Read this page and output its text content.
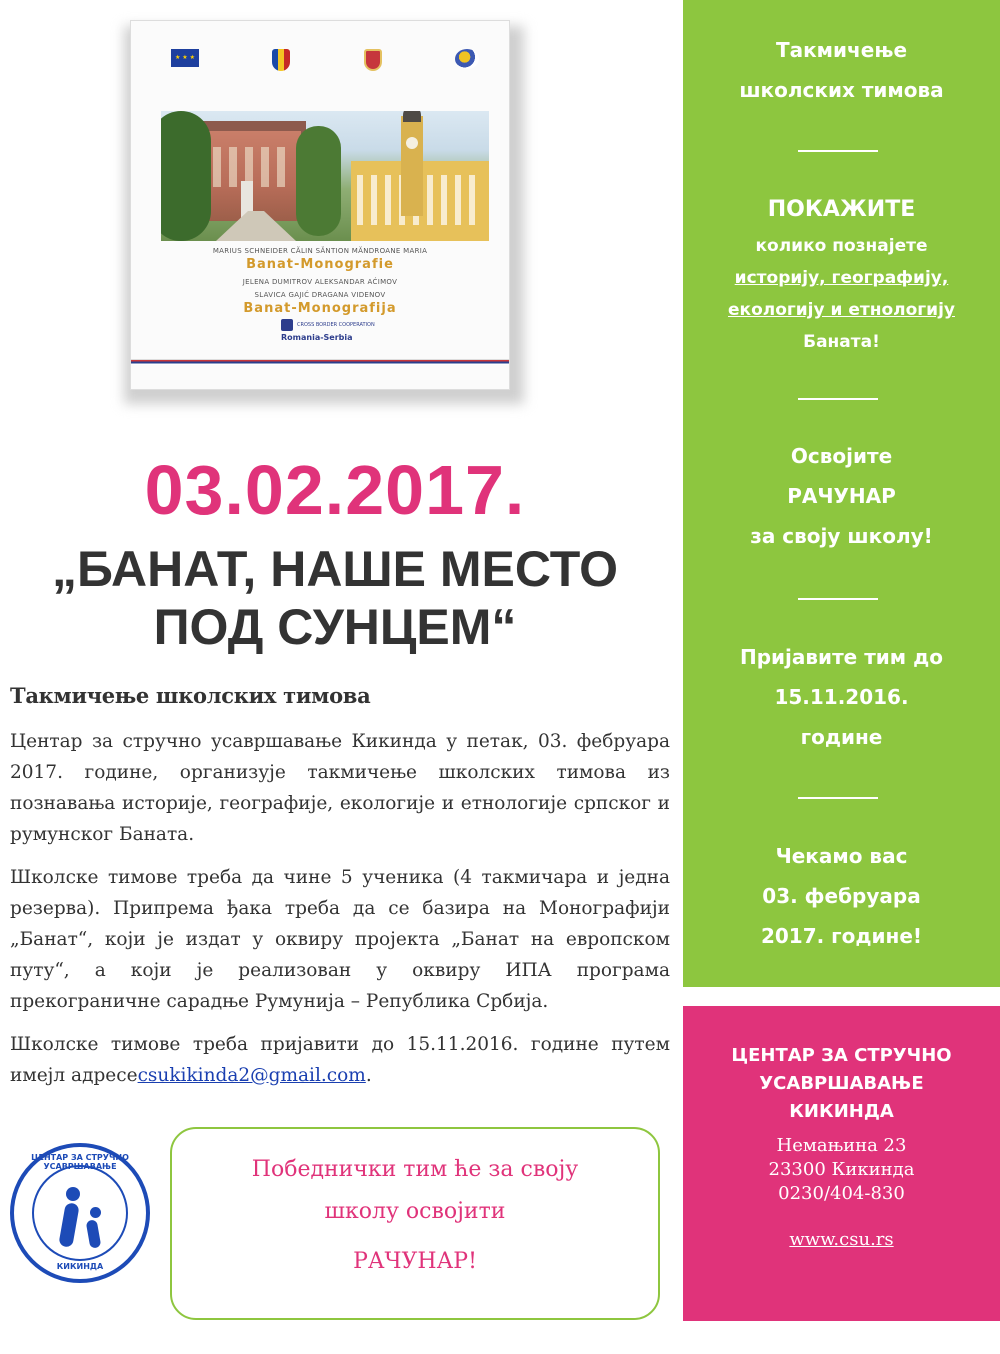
★ ★ ★
MARIUS SCHNEIDER CĂLIN SĂNTION MĂNDROANE MARIA
Banat-Monografie
JELENA DUMITROV ALEKSANDAR AĆIMOV
SLAVICA GAJIĆ DRAGANA VIDENOV
Banat-Monografija
CROSS BORDER COOPERATION
Romania-Serbia
03.02.2017.
„БАНАТ, НАШЕ МЕСТО
ПОД СУНЦЕМ“
Такмичење школских тимова

Центар за стручно усавршавање Кикинда у петак, 03. фебруара 2017. године, организује такмичење школских тимова из познавања историје, географије, екологије и етнологије српског и румунског Баната.

Школске тимове треба да чине 5 ученика (4 такмичара и једна резерва). Припрема ђака треба да се базира на Монографији „Банат“, који је издат у оквиру пројекта „Банат на европском путу“, а који је реализован у оквиру ИПА програма прекограничне сарадње Румунија – Република Србија.

Школске тимове треба пријавити до 15.11.2016. године путем имејл адресеcsukikinda2@gmail.com.

ЦЕНТАР ЗА СТРУЧНО УСАВРШАВАЊЕ
КИКИНДА
Победнички тим ће за своју
школу освојити
РАЧУНАР!
Такмичење
школских тимова
ПОКАЖИТЕ
колико познајете
историју, географију,
екологију и етнологију
Баната!
Освојите
РАЧУНАР
за своју школу!
Пријавите тим до
15.11.2016.
године
Чекамо вас
03. фебруара
2017. године!
ЦЕНТАР ЗА СТРУЧНО
УСАВРШАВАЊЕ
КИКИНДА
Немањина 23
23300 Кикинда
0230/404-830
www.csu.rs
